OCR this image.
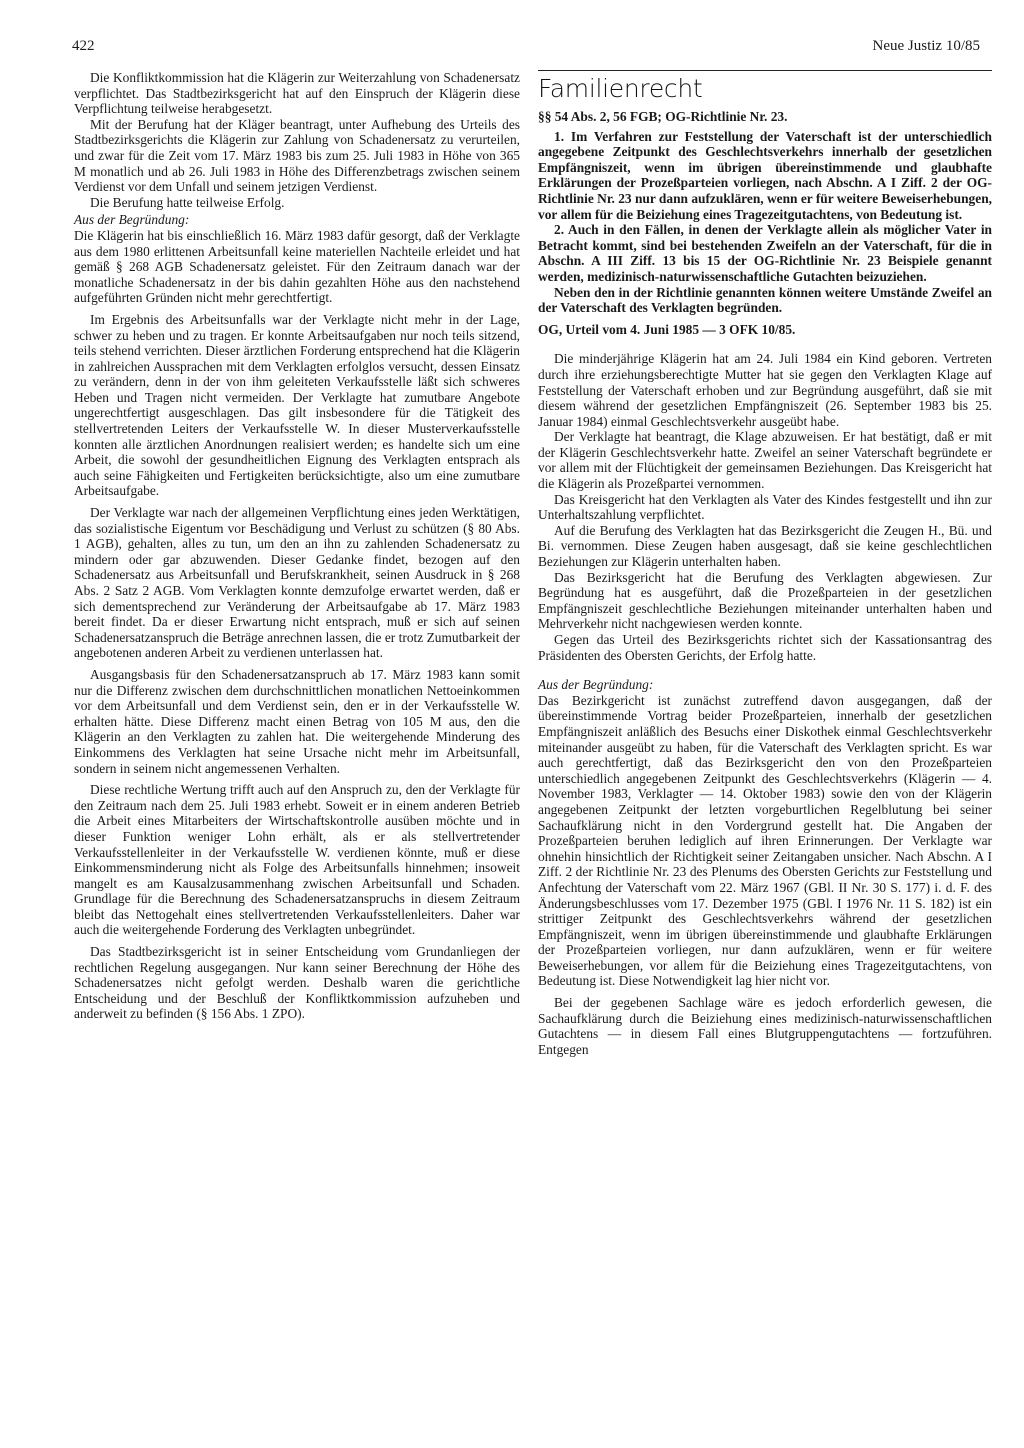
422	Neue Justiz 10/85

Die Konfliktkommission hat die Klägerin zur Weiterzahlung von Schadenersatz verpflichtet. Das Stadtbezirksgericht hat auf den Einspruch der Klägerin diese Verpflichtung teilweise herabgesetzt.

Mit der Berufung hat der Kläger beantragt, unter Aufhebung des Urteils des Stadtbezirksgerichts die Klägerin zur Zahlung von Schadenersatz zu verurteilen, und zwar für die Zeit vom 17. März 1983 bis zum 25. Juli 1983 in Höhe von 365 M monatlich und ab 26. Juli 1983 in Höhe des Differenzbetrags zwischen seinem Verdienst vor dem Unfall und seinem jetzigen Verdienst.

Die Berufung hatte teilweise Erfolg.

Aus der Begründung:

Die Klägerin hat bis einschließlich 16. März 1983 dafür gesorgt, daß der Verklagte aus dem 1980 erlittenen Arbeitsunfall keine materiellen Nachteile erleidet und hat gemäß § 268 AGB Schadenersatz geleistet. Für den Zeitraum danach war der monatliche Schadenersatz in der bis dahin gezahlten Höhe aus den nachstehend aufgeführten Gründen nicht mehr gerechtfertigt.

Im Ergebnis des Arbeitsunfalls war der Verklagte nicht mehr in der Lage, schwer zu heben und zu tragen. Er konnte Arbeitsaufgaben nur noch teils sitzend, teils stehend verrichten. Dieser ärztlichen Forderung entsprechend hat die Klägerin in zahlreichen Aussprachen mit dem Verklagten erfolglos versucht, dessen Einsatz zu verändern, denn in der von ihm geleiteten Verkaufsstelle läßt sich schweres Heben und Tragen nicht vermeiden. Der Verklagte hat zumutbare Angebote ungerechtfertigt ausgeschlagen. Das gilt insbesondere für die Tätigkeit des stellvertretenden Leiters der Verkaufsstelle W. In dieser Musterverkaufsstelle konnten alle ärztlichen Anordnungen realisiert werden; es handelte sich um eine Arbeit, die sowohl der gesundheitlichen Eignung des Verklagten entsprach als auch seine Fähigkeiten und Fertigkeiten berücksichtigte, also um eine zumutbare Arbeitsaufgabe.

Der Verklagte war nach der allgemeinen Verpflichtung eines jeden Werktätigen, das sozialistische Eigentum vor Beschädigung und Verlust zu schützen (§ 80 Abs. 1 AGB), gehalten, alles zu tun, um den an ihn zu zahlenden Schadenersatz zu mindern oder gar abzuwenden. Dieser Gedanke findet, bezogen auf den Schadenersatz aus Arbeitsunfall und Berufskrankheit, seinen Ausdruck in § 268 Abs. 2 Satz 2 AGB. Vom Verklagten konnte demzufolge erwartet werden, daß er sich dementsprechend zur Veränderung der Arbeitsaufgabe ab 17. März 1983 bereit findet. Da er dieser Erwartung nicht entsprach, muß er sich auf seinen Schadenersatzanspruch die Beträge anrechnen lassen, die er trotz Zumutbarkeit der angebotenen anderen Arbeit zu verdienen unterlassen hat.

Ausgangsbasis für den Schadenersatzanspruch ab 17. März 1983 kann somit nur die Differenz zwischen dem durchschnittlichen monatlichen Nettoeinkommen vor dem Arbeitsunfall und dem Verdienst sein, den er in der Verkaufsstelle W. erhalten hätte. Diese Differenz macht einen Betrag von 105 M aus, den die Klägerin an den Verklagten zu zahlen hat. Die weitergehende Minderung des Einkommens des Verklagten hat seine Ursache nicht mehr im Arbeitsunfall, sondern in seinem nicht angemessenen Verhalten.

Diese rechtliche Wertung trifft auch auf den Anspruch zu, den der Verklagte für den Zeitraum nach dem 25. Juli 1983 erhebt. Soweit er in einem anderen Betrieb die Arbeit eines Mitarbeiters der Wirtschaftskontrolle ausüben möchte und in dieser Funktion weniger Lohn erhält, als er als stellvertretender Verkaufsstellenleiter in der Verkaufsstelle W. verdienen könnte, muß er diese Einkommensminderung nicht als Folge des Arbeitsunfalls hinnehmen; insoweit mangelt es am Kausalzusammenhang zwischen Arbeitsunfall und Schaden. Grundlage für die Berechnung des Schadenersatzanspruchs in diesem Zeitraum bleibt das Nettogehalt eines stellvertretenden Verkaufsstellenleiters. Daher war auch die weitergehende Forderung des Verklagten unbegründet.

Das Stadtbezirksgericht ist in seiner Entscheidung vom Grundanliegen der rechtlichen Regelung ausgegangen. Nur kann seiner Berechnung der Höhe des Schadenersatzes nicht gefolgt werden. Deshalb waren die gerichtliche Entscheidung und der Beschluß der Konfliktkommission aufzuheben und anderweit zu befinden (§ 156 Abs. 1 ZPO).

Familienrecht

§§ 54 Abs. 2, 56 FGB; OG-Richtlinie Nr. 23.

1. Im Verfahren zur Feststellung der Vaterschaft ist der unterschiedlich angegebene Zeitpunkt des Geschlechtsverkehrs innerhalb der gesetzlichen Empfängniszeit, wenn im übrigen übereinstimmende und glaubhafte Erklärungen der Prozeßparteien vorliegen, nach Abschn. A I Ziff. 2 der OG-Richtlinie Nr. 23 nur dann aufzuklären, wenn er für weitere Beweiserhebungen, vor allem für die Beiziehung eines Tragezeitgutachtens, von Bedeutung ist.

2. Auch in den Fällen, in denen der Verklagte allein als möglicher Vater in Betracht kommt, sind bei bestehenden Zweifeln an der Vaterschaft, für die in Abschn. A III Ziff. 13 bis 15 der OG-Richtlinie Nr. 23 Beispiele genannt werden, medizinisch-naturwissenschaftliche Gutachten beizuziehen.

Neben den in der Richtlinie genannten können weitere Umstände Zweifel an der Vaterschaft des Verklagten begründen.

OG, Urteil vom 4. Juni 1985 — 3 OFK 10/85.

Die minderjährige Klägerin hat am 24. Juli 1984 ein Kind geboren. Vertreten durch ihre erziehungsberechtigte Mutter hat sie gegen den Verklagten Klage auf Feststellung der Vaterschaft erhoben und zur Begründung ausgeführt, daß sie mit diesem während der gesetzlichen Empfängniszeit (26. September 1983 bis 25. Januar 1984) einmal Geschlechtsverkehr ausgeübt habe.

Der Verklagte hat beantragt, die Klage abzuweisen. Er hat bestätigt, daß er mit der Klägerin Geschlechtsverkehr hatte. Zweifel an seiner Vaterschaft begründete er vor allem mit der Flüchtigkeit der gemeinsamen Beziehungen. Das Kreisgericht hat die Klägerin als Prozeßpartei vernommen.

Das Kreisgericht hat den Verklagten als Vater des Kindes festgestellt und ihn zur Unterhaltszahlung verpflichtet.

Auf die Berufung des Verklagten hat das Bezirksgericht die Zeugen H., Bü. und Bi. vernommen. Diese Zeugen haben ausgesagt, daß sie keine geschlechtlichen Beziehungen zur Klägerin unterhalten haben.

Das Bezirksgericht hat die Berufung des Verklagten abgewiesen. Zur Begründung hat es ausgeführt, daß die Prozeßparteien in der gesetzlichen Empfängniszeit geschlechtliche Beziehungen miteinander unterhalten haben und Mehrverkehr nicht nachgewiesen werden konnte.

Gegen das Urteil des Bezirksgerichts richtet sich der Kassationsantrag des Präsidenten des Obersten Gerichts, der Erfolg hatte.

Aus der Begründung:

Das Bezirkgericht ist zunächst zutreffend davon ausgegangen, daß der übereinstimmende Vortrag beider Prozeßparteien, innerhalb der gesetzlichen Empfängniszeit anläßlich des Besuchs einer Diskothek einmal Geschlechtsverkehr miteinander ausgeübt zu haben, für die Vaterschaft des Verklagten spricht. Es war auch gerechtfertigt, daß das Bezirksgericht den von den Prozeßparteien unterschiedlich angegebenen Zeitpunkt des Geschlechtsverkehrs (Klägerin — 4. November 1983, Verklagter — 14. Oktober 1983) sowie den von der Klägerin angegebenen Zeitpunkt der letzten vorgeburtlichen Regelblutung bei seiner Sachaufklärung nicht in den Vordergrund gestellt hat. Die Angaben der Prozeßparteien beruhen lediglich auf ihren Erinnerungen. Der Verklagte war ohnehin hinsichtlich der Richtigkeit seiner Zeitangaben unsicher. Nach Abschn. A I Ziff. 2 der Richtlinie Nr. 23 des Plenums des Obersten Gerichts zur Feststellung und Anfechtung der Vaterschaft vom 22. März 1967 (GBl. II Nr. 30 S. 177) i. d. F. des Änderungsbeschlusses vom 17. Dezember 1975 (GBl. I 1976 Nr. 11 S. 182) ist ein strittiger Zeitpunkt des Geschlechtsverkehrs während der gesetzlichen Empfängniszeit, wenn im übrigen übereinstimmende und glaubhafte Erklärungen der Prozeßparteien vorliegen, nur dann aufzuklären, wenn er für weitere Beweiserhebungen, vor allem für die Beiziehung eines Tragezeitgutachtens, von Bedeutung ist. Diese Notwendigkeit lag hier nicht vor.

Bei der gegebenen Sachlage wäre es jedoch erforderlich gewesen, die Sachaufklärung durch die Beiziehung eines medizinisch-naturwissenschaftlichen Gutachtens — in diesem Fall eines Blutgruppengutachtens — fortzuführen. Entgegen
